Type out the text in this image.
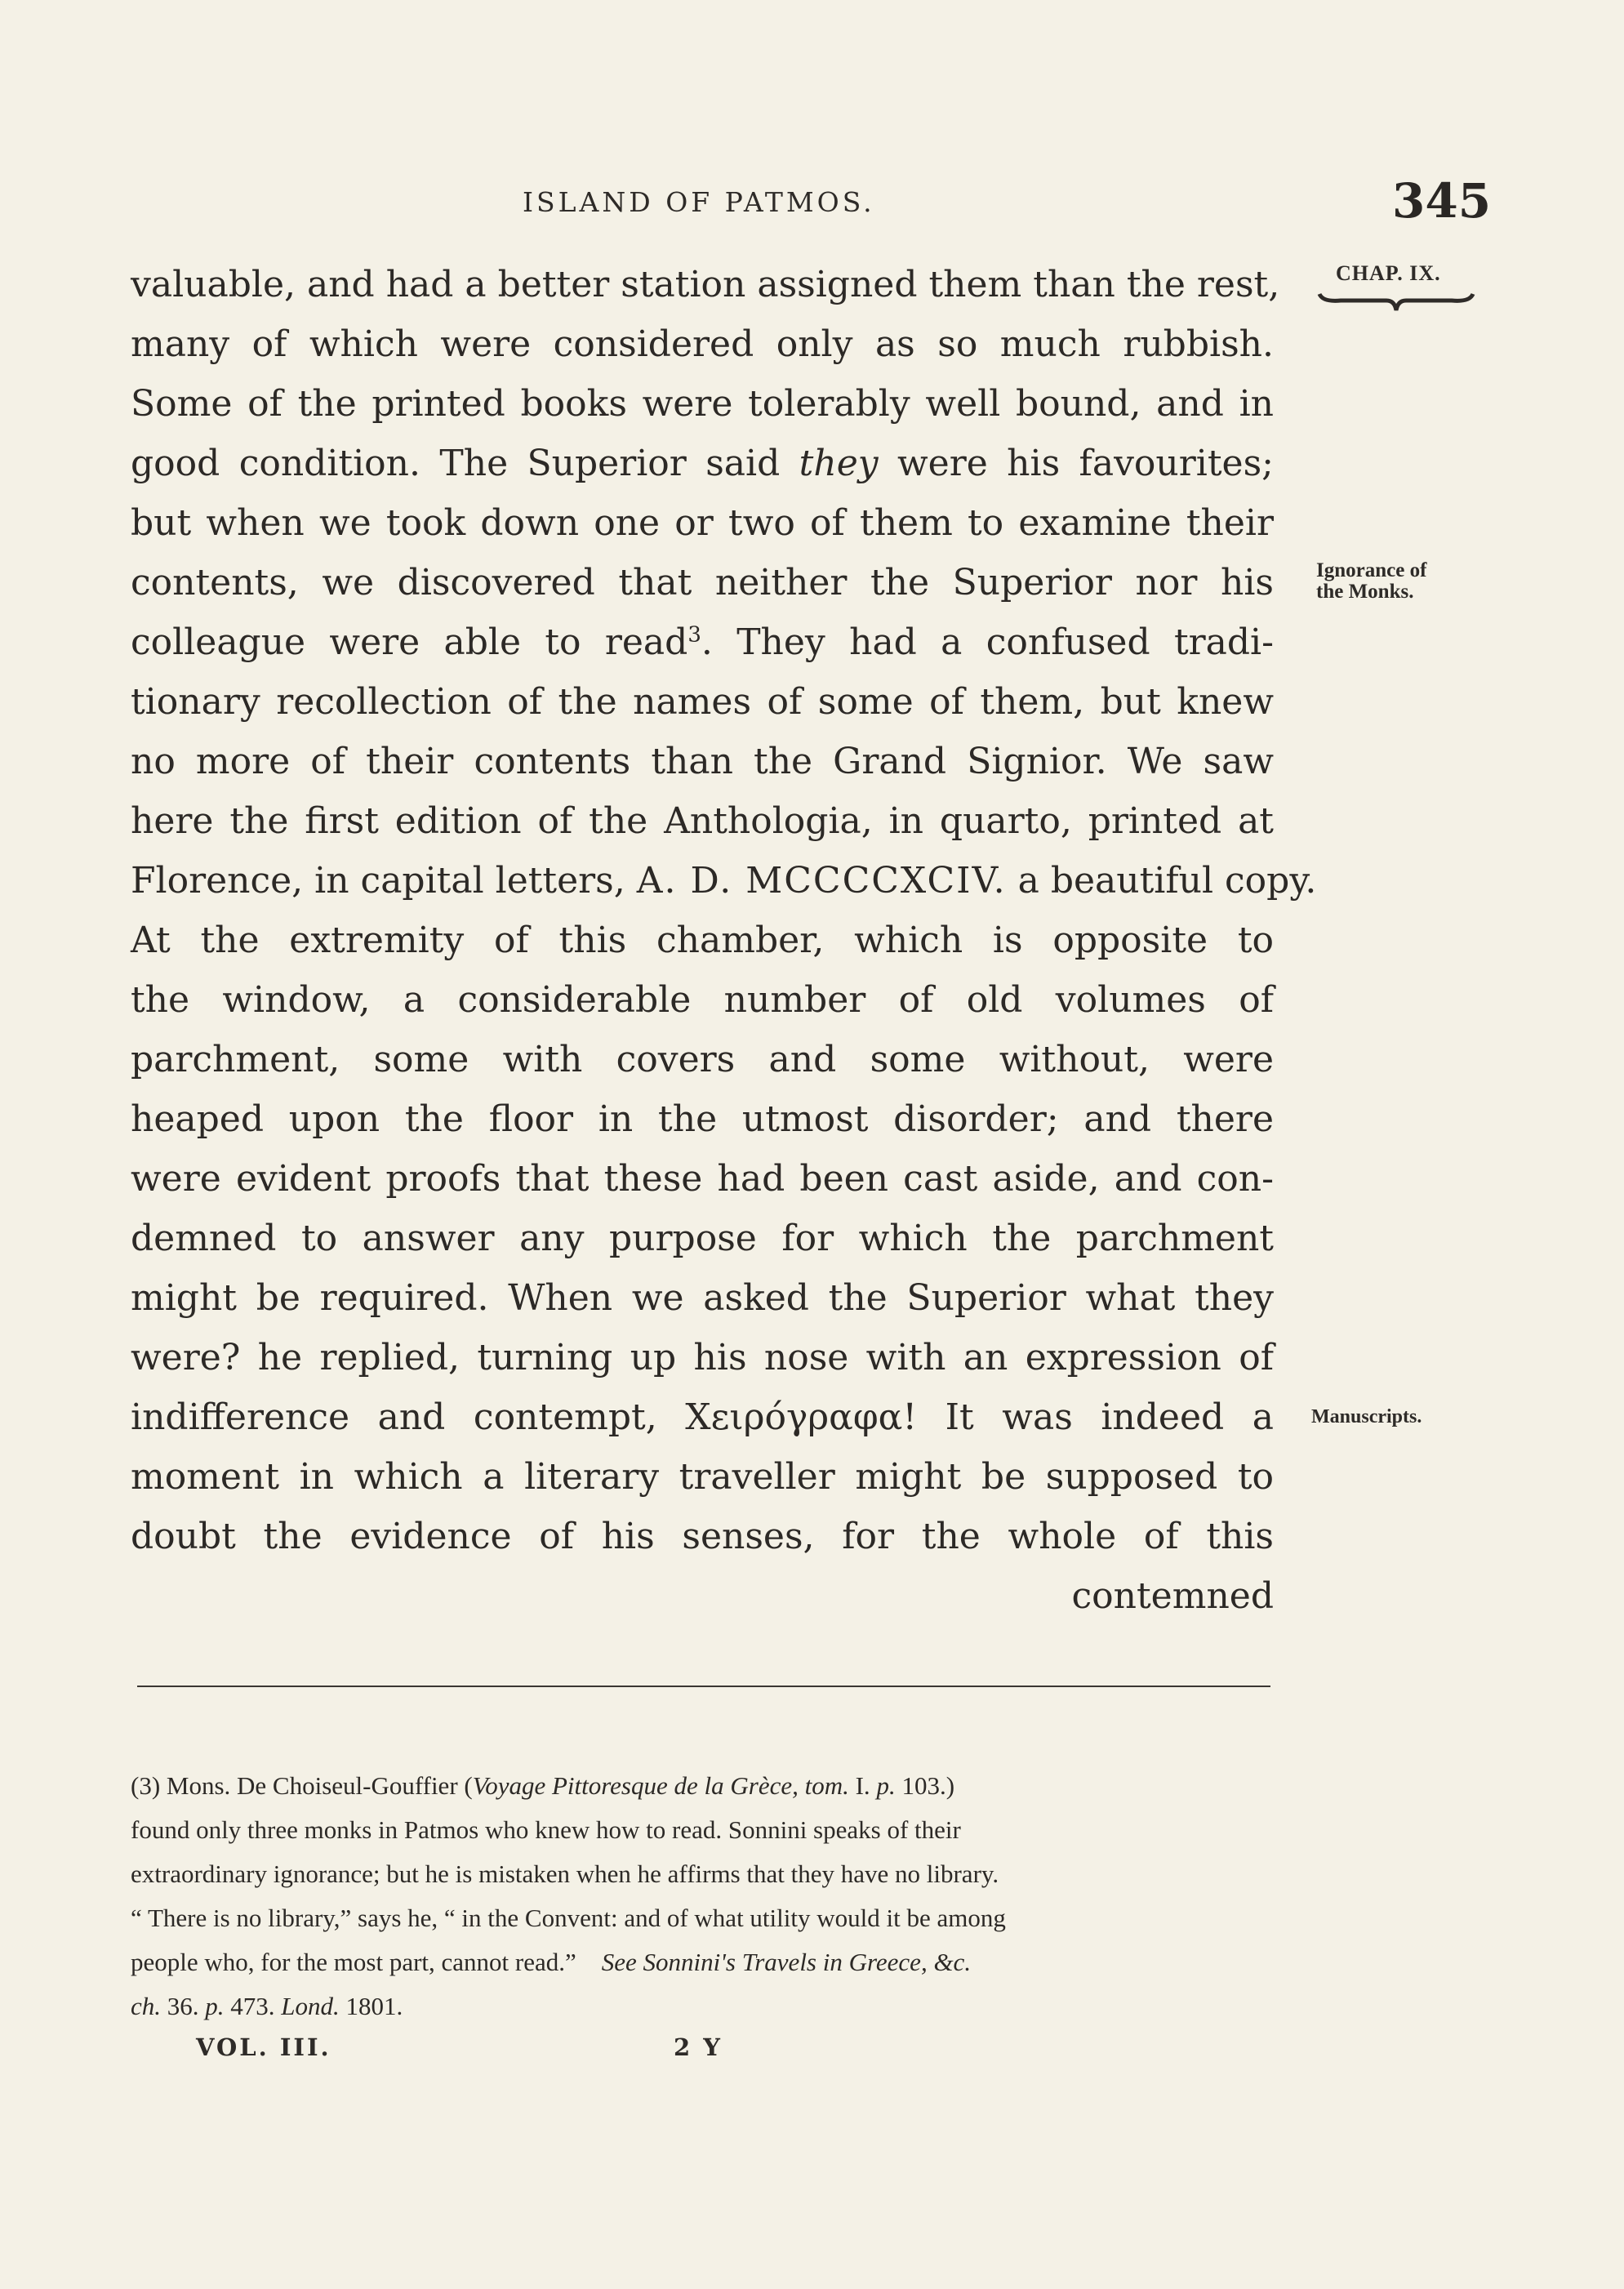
ISLAND OF PATMOS.	345
CHAP. IX.
Ignorance of
the Monks.
Manuscripts.
valuable, and had a better station assigned them than the rest,
many of which were considered only as so much rubbish.
Some of the printed books were tolerably well bound, and in
good condition. The Superior said they were his favourites;
but when we took down one or two of them to examine their
contents, we discovered that neither the Superior nor his
colleague were able to read$^3$. They had a confused tradi-
tionary recollection of the names of some of them, but knew
no more of their contents than the Grand Signior. We saw
here the first edition of the Anthologia, in quarto, printed at
Florence, in capital letters, A. D. MCCCCXCIV. a beautiful copy.
At the extremity of this chamber, which is opposite to
the window, a considerable number of old volumes of
parchment, some with covers and some without, were
heaped upon the floor in the utmost disorder; and there
were evident proofs that these had been cast aside, and con-
demned to answer any purpose for which the parchment
might be required. When we asked the Superior what they
were? he replied, turning up his nose with an expression of
indifference and contempt, Χειρόγραφα! It was indeed a
moment in which a literary traveller might be supposed to
doubt the evidence of his senses, for the whole of this
contemned
(3) Mons. De Choiseul-Gouffier (Voyage Pittoresque de la Grèce, tom. I. p. 103.)
found only three monks in Patmos who knew how to read. Sonnini speaks of their
extraordinary ignorance; but he is mistaken when he affirms that they have no library.
“ There is no library,” says he, “ in the Convent: and of what utility would it be among
people who, for the most part, cannot read.” See Sonnini's Travels in Greece, &c.
ch. 36. p. 473. Lond. 1801.
VOL. III.	2 Y
